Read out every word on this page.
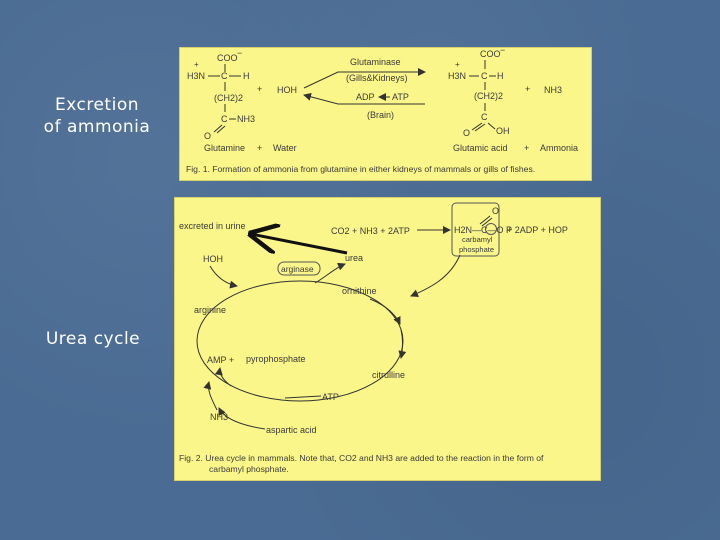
Excretion
of ammonia
Urea cycle
COO −
+
H3N C H
(CH2)2
C NH3
O
+ HOH
Glutaminase
(Gills&Kidneys)
ADP ATP
(Brain)
COO −
+
H3N C H
(CH2)2
C
O	OH
+ NH3
Glutamine + Water	Glutamic acid + Ammonia
Fig. 1. Formation of ammonia from glutamine in either kidneys of mammals or gills of fishes.
excreted in urine	CO2 + NH3 + 2ATP
O
H2N—C—O P
carbamyl
phosphate
+ 2ADP + HOP
HOH
arginase
urea
ornithine
arginine
AMP + pyrophosphate
citrulline
ATP
NH3
aspartic acid
Fig. 2. Urea cycle in mammals. Note that, CO2 and NH3 are added to the reaction in the form of
carbamyl phosphate.
